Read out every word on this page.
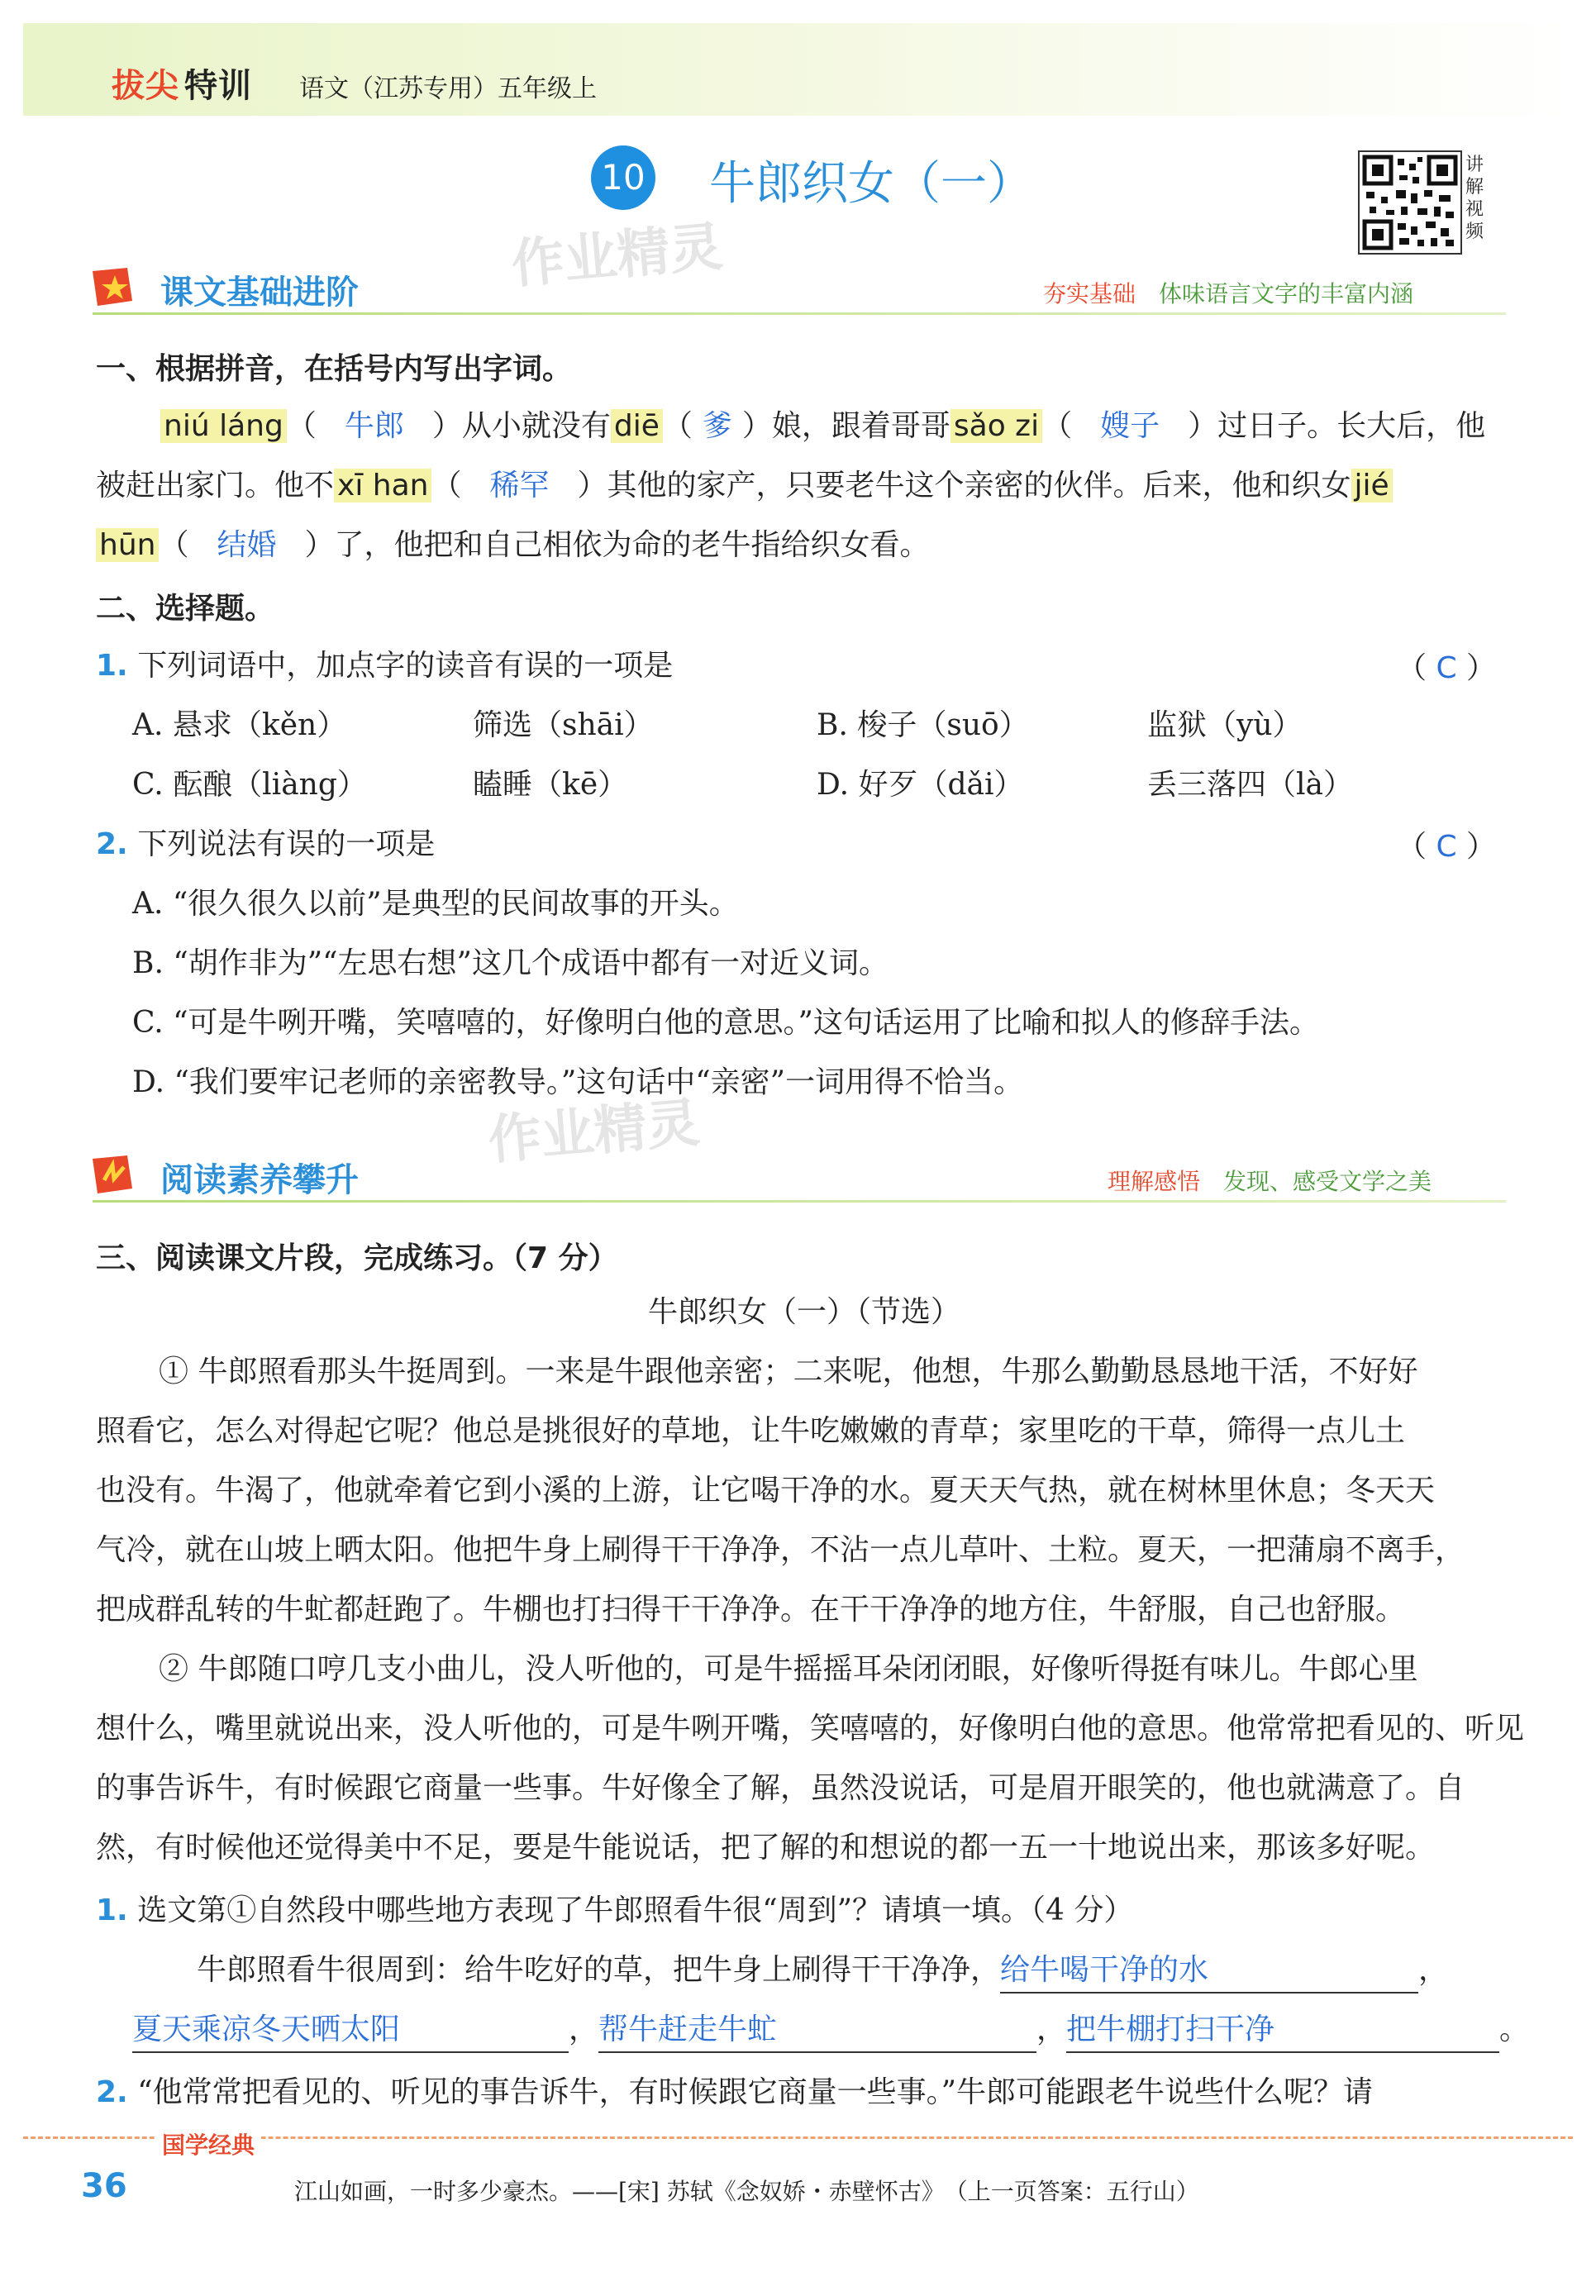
拔尖 特训 语文（江苏专用）五年级上
10 牛郎织女（一）	讲解视频
作业精灵
作业精灵
课文基础进阶	夯实基础 体味语言文字的丰富内涵
一、根据拼音，在括号内写出字词。
niú láng （ 牛郎 ）从小就没有 diē （ 爹 ）娘，跟着哥哥 sǎo zi （ 嫂子 ）过日子。长大后，他
被赶出家门。他不 xī han （ 稀罕 ）其他的家产，只要老牛这个亲密的伙伴。后来，他和织女 jié
hūn （ 结婚 ）了，他把和自己相依为命的老牛指给织女看。
二、选择题。
1. 下列词语中，加点字的读音有误的一项是	（ C ）
A. 悬求（kěn）	筛选（shāi）	B. 梭子（suō）	监狱（yù）
C. 酝酿（liàng）	瞌睡（kē）	D. 好歹（dǎi）	丢三落四（là）
2. 下列说法有误的一项是	（ C ）
A. “很久很久以前”是典型的民间故事的开头。
B. “胡作非为”“左思右想”这几个成语中都有一对近义词。
C. “可是牛咧开嘴，笑嘻嘻的，好像明白他的意思。”这句话运用了比喻和拟人的修辞手法。
D. “我们要牢记老师的亲密教导。”这句话中“亲密”一词用得不恰当。
阅读素养攀升	理解感悟 发现、感受文学之美
三、阅读课文片段，完成练习。（7 分）
牛郎织女（一）（节选）
① 牛郎照看那头牛挺周到。一来是牛跟他亲密；二来呢，他想，牛那么勤勤恳恳地干活，不好好
照看它，怎么对得起它呢？他总是挑很好的草地，让牛吃嫩嫩的青草；家里吃的干草，筛得一点儿土
也没有。牛渴了，他就牵着它到小溪的上游，让它喝干净的水。夏天天气热，就在树林里休息；冬天天
气冷，就在山坡上晒太阳。他把牛身上刷得干干净净，不沾一点儿草叶、土粒。夏天，一把蒲扇不离手，
把成群乱转的牛虻都赶跑了。牛棚也打扫得干干净净。在干干净净的地方住，牛舒服，自己也舒服。
② 牛郎随口哼几支小曲儿，没人听他的，可是牛摇摇耳朵闭闭眼，好像听得挺有味儿。牛郎心里
想什么，嘴里就说出来，没人听他的，可是牛咧开嘴，笑嘻嘻的，好像明白他的意思。他常常把看见的、听见
的事告诉牛，有时候跟它商量一些事。牛好像全了解，虽然没说话，可是眉开眼笑的，他也就满意了。自
然，有时候他还觉得美中不足，要是牛能说话，把了解的和想说的都一五一十地说出来，那该多好呢。
1. 选文第①自然段中哪些地方表现了牛郎照看牛很“周到”？请填一填。（4 分）
牛郎照看牛很周到：给牛吃好的草，把牛身上刷得干干净净，给牛喝干净的水	，
夏天乘凉冬天晒太阳	，帮牛赶走牛虻	，把牛棚打扫干净	。
2. “他常常把看见的、听见的事告诉牛，有时候跟它商量一些事。”牛郎可能跟老牛说些什么呢？请
国学经典
36	江山如画，一时多少豪杰。——[宋] 苏轼《念奴娇・赤壁怀古》　（上一页答案：五行山）
